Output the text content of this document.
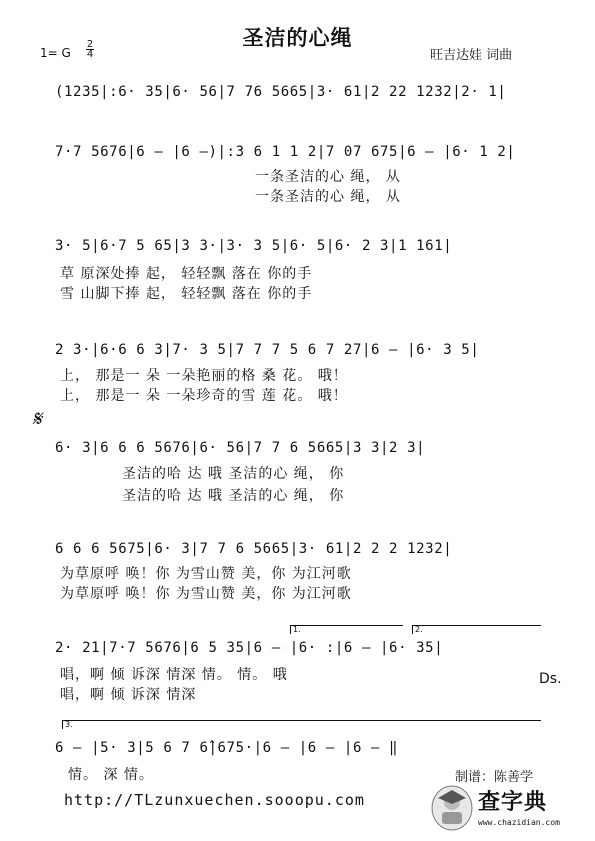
圣洁的心绳
1= G
2
4	旺吉达娃 词曲
(1235|:6· 35|6· 56|7 76 5665|3· 61|2 22 1232|2· 1|
7·7 5676|6 — |6 —)|:3 6 1 1 2|7 07 675|6 — |6· 1 2|
一条圣洁的心 绳， 从
一条圣洁的心 绳， 从
3· 5|6·7 5 65|3 3·|3· 3 5|6· 5|6· 2 3|1 161|
草 原深处捧 起， 轻轻飘 落在 你的手
雪 山脚下捧 起， 轻轻飘 落在 你的手
2 3·|6·6 6 3|7· 3 5|7 7 7 5 6 7 27|6 — |6· 3 5|
上， 那是一 朵 一朵艳丽的格 桑 花。 哦！
上， 那是一 朵 一朵珍奇的雪 莲 花。 哦！
𝄋
6· 3|6 6 6 5676|6· 56|7 7 6 5665|3 3|2 3|
圣洁的哈 达 哦 圣洁的心 绳， 你
圣洁的哈 达 哦 圣洁的心 绳， 你
6 6 6 5675|6· 3|7 7 6 5665|3· 61|2 2 2 1232|
为草原呼 唤！你 为雪山赞 美，你 为江河歌
为草原呼 唤！你 为雪山赞 美，你 为江河歌
1.	2.
2· 21|7·7 5676|6 5 35|6 — |6· :|6 — |6· 35|
唱，啊 倾 诉深 情深 情。 情。 哦
唱，啊 倾 诉深 情深
Ds.
3.
6 — |5· 3|5 6 7 6̂|675·|6 — |6 — |6 — ‖
情。 深 情。	制谱：陈善学
http://TLzunxuechen.sooopu.com	查字典
www.chazidian.com
